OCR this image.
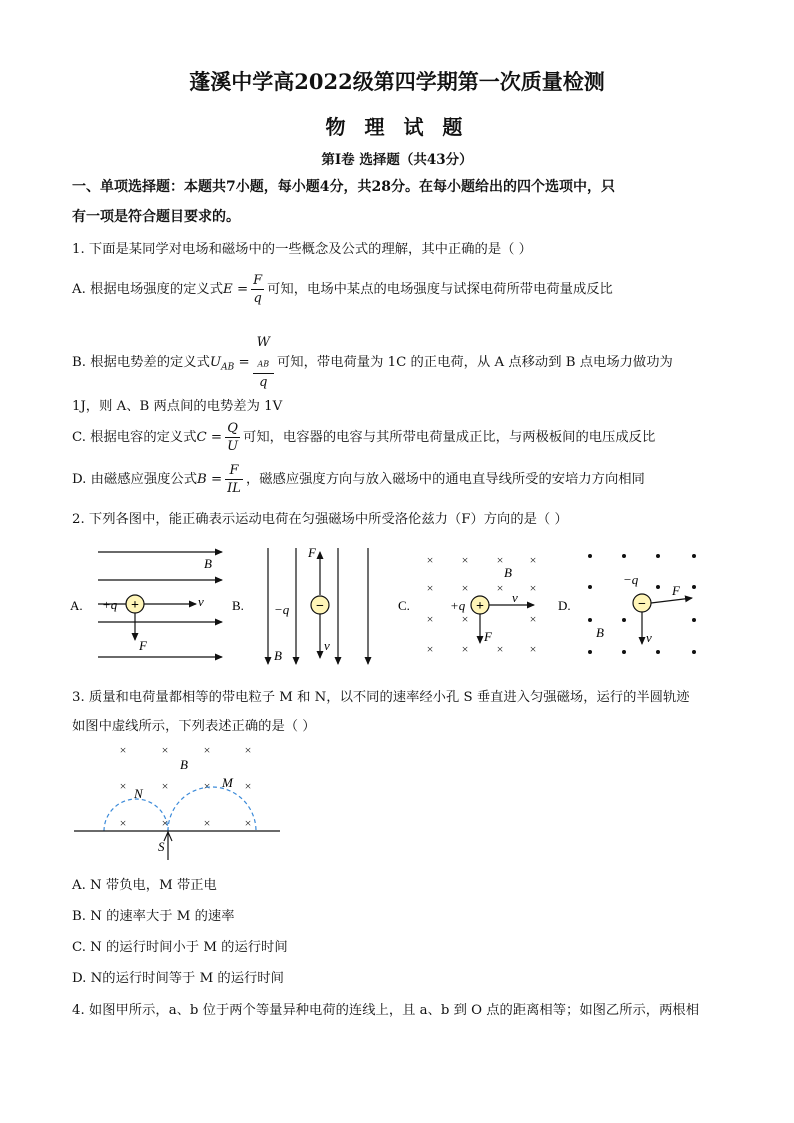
蓬溪中学高2022级第四学期第一次质量检测
物 理 试 题
第Ⅰ卷 选择题（共43分）
一、单项选择题：本题共7小题，每小题4分，共28分。在每小题给出的四个选项中，只
有一项是符合题目要求的。
1. 下面是某同学对电场和磁场中的一些概念及公式的理解，其中正确的是（ ）
A. 根据电场强度的定义式$E = \frac{F}{q}$ 可知，电场中某点的电场强度与试探电荷所带电荷量成反比
B. 根据电势差的定义式$U_{AB} = W$
$_{AB}$
q 可知，带电荷量为 1C 的正电荷，从 A 点移动到 B 点电场力做功为
1J，则 A、B 两点间的电势差为 1V
C. 根据电容的定义式$C = \frac{Q}{U}$ 可知，电容器的电容与其所带电荷量成正比，与两极板间的电压成反比
D. 由磁感应强度公式$B = \frac{F}{IL}$ ，磁感应强度方向与放入磁场中的通电直导线所受的安培力方向相同
2. 下列各图中，能正确表示运动电荷在匀强磁场中所受洛伦兹力（F）方向的是（ ）
A.
B
+
+q	v
F
B.
B
−q
F
−
v
C.
× × × ×
× × × ×
× ×	×
× × × ×
B
+
+q
v
F
D.
−q
−
F
v
B
3. 质量和电荷量都相等的带电粒子 M 和 N，以不同的速率经小孔 S 垂直进入匀强磁场，运行的半圆轨迹
如图中虚线所示，下列表述正确的是（ ）
×	×	×	×
×	×	×	×
×	×	×	×
B
N
M
S
A. N 带负电，M 带正电
B. N 的速率大于 M 的速率
C. N 的运行时间小于 M 的运行时间
D. N的运行时间等于 M 的运行时间
4. 如图甲所示，a、b 位于两个等量异种电荷的连线上，且 a、b 到 O 点的距离相等；如图乙所示，两根相
